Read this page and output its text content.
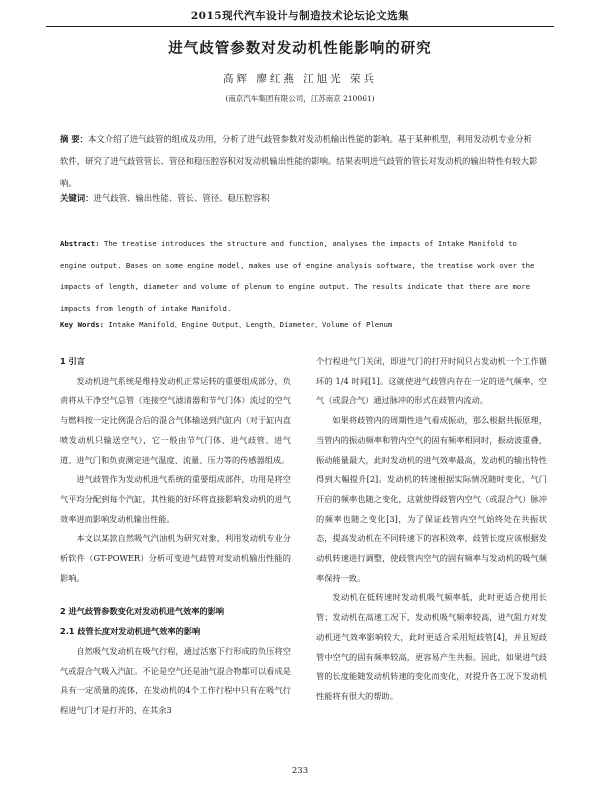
2015现代汽车设计与制造技术论坛论文选集
进气歧管参数对发动机性能影响的研究
高辉 廖红燕 江旭光 荣兵
(南京汽车集团有限公司，江苏南京 210061)
摘 要：本文介绍了进气歧管的组成及功用，分析了进气歧管参数对发动机输出性能的影响。基于某种机型，利用发动机专业分析软件，研究了进气歧管管长、管径和稳压腔容积对发动机输出性能的影响。结果表明进气歧管的管长对发动机的输出特性有较大影响。
关键词：进气歧管、输出性能、管长、管径、稳压腔容积
Abstract: The treatise introduces the structure and function, analyses the impacts of Intake Manifold to engine output. Bases on some engine model, makes use of engine analysis software, the treatise work over the impacts of length, diameter and volume of plenum to engine output. The results indicate that there are more impacts from length of intake Manifold.
Key Words: Intake Manifold、Engine Output、Length、Diameter、Volume of Plenum
1 引言

发动机进气系统是维持发动机正常运转的重要组成部分，负责将从干净空气总管（连接空气滤清器和节气门体）流过的空气与燃料按一定比例混合后的混合气体输送到汽缸内（对于缸内直喷发动机只输送空气），它一般由节气门体、进气歧管、进气道、进气门和负责测定进气温度、流量、压力等的传感器组成。

进气歧管作为发动机进气系统的重要组成部件，功用是将空气平均分配到每个汽缸，其性能的好坏将直接影响发动机的进气效率进而影响发动机输出性能。

本文以某款自然吸气汽油机为研究对象，利用发动机专业分析软件（GT-POWER）分析可变进气歧管对发动机输出性能的影响。

2 进气歧管参数变化对发动机进气效率的影响
2.1 歧管长度对发动机进气效率的影响

自然吸气发动机在吸气行程，通过活塞下行形成的负压将空气或混合气吸入汽缸。不论是空气还是油气混合物都可以看成是具有一定质量的流体，在发动机的4个工作行程中只有在吸气行程进气门才是打开的，在其余3

个行程进气门关闭，即进气门的打开时间只占发动机一个工作循环的 1/4 时间[1]。这就使进气歧管内存在一定的进气频率，空气（或混合气）通过脉冲的形式在歧管内流动。

如果将歧管内的周期性进气看成振动，那么根据共振原理，当管内的振动频率和管内空气的固有频率相同时，振动波重叠，振动能量最大，此时发动机的进气效率最高，发动机的输出特性得到大幅提升[2]。发动机的转速根据实际情况随时变化，气门开启的频率也随之变化，这就使得歧管内空气（或混合气）脉冲的频率也随之变化[3]，为了保证歧管内空气始终处在共振状态，提高发动机在不同转速下的容积效率，歧管长度应该根据发动机转速进行调整，使歧管内空气的固有频率与发动机的吸气频率保持一致。

发动机在低转速时发动机吸气频率低，此时更适合使用长管；发动机在高速工况下，发动机吸气频率较高，进气阻力对发动机进气效率影响较大，此时更适合采用短歧管[4]，并且短歧管中空气的固有频率较高，更容易产生共振。因此，如果进气歧管的长度能随发动机转速的变化而变化，对提升各工况下发动机性能将有很大的帮助。

233
